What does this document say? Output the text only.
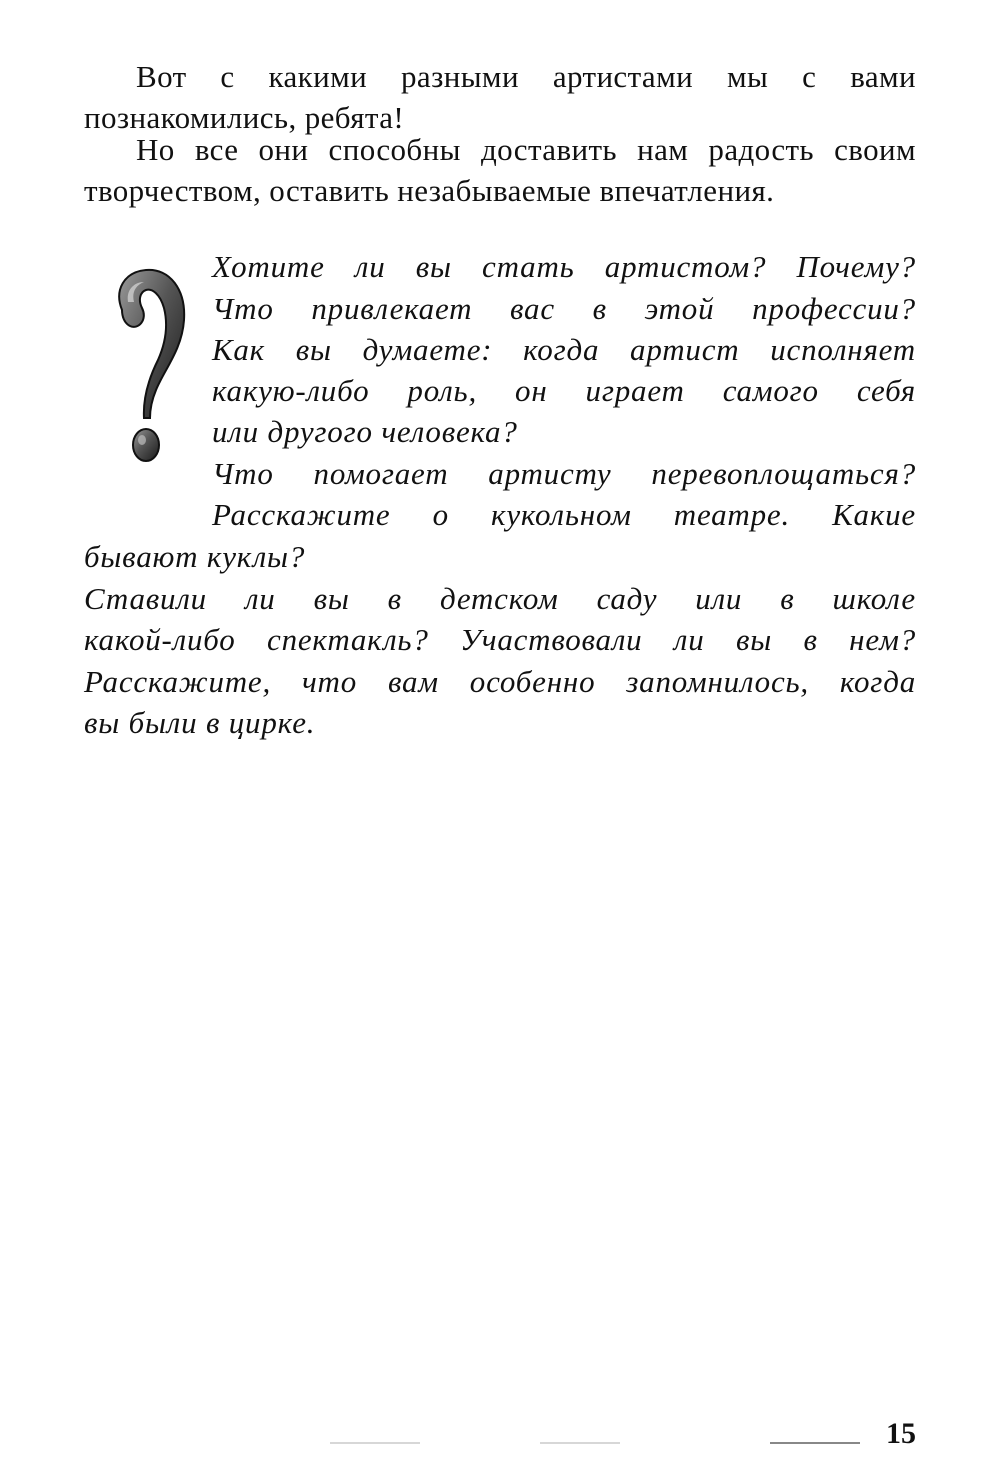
Вот с какими разными артистами мы с вами познакомились, ребята!

Но все они способны доставить нам радость своим творчеством, оставить незабываемые впечатления.

Хотите ли вы стать артистом? Почему?

Что привлекает вас в этой профессии?

Как вы думаете: когда артист исполняет

какую-либо роль, он играет самого себя

или другого человека?

Что помогает артисту перевоплощаться?

Расскажите о кукольном театре. Какие

бывают куклы?

Ставили ли вы в детском саду или в школе

какой-либо спектакль? Участвовали ли вы в нем?

Расскажите, что вам особенно запомнилось, когда

вы были в цирке.

15
